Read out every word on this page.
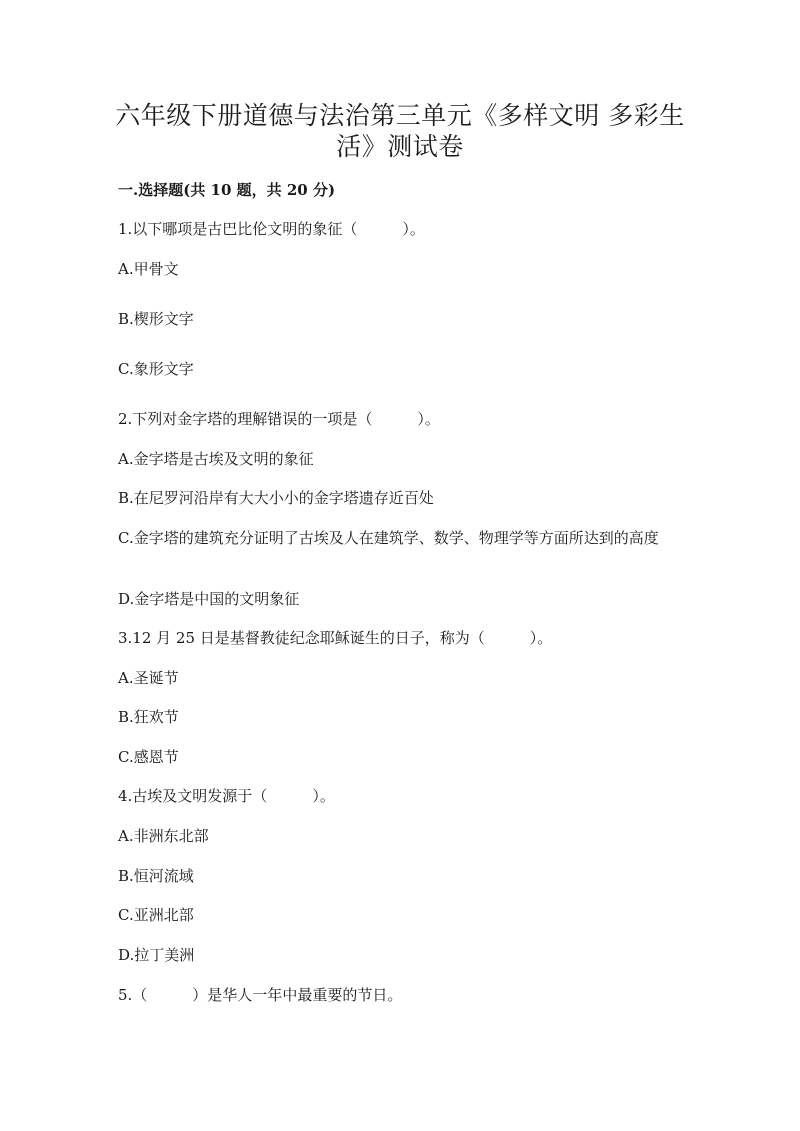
六年级下册道德与法治第三单元《多样文明 多彩生
活》测试卷
一.选择题(共 10 题，共 20 分)
1.以下哪项是古巴比伦文明的象征（　　　）。
A.甲骨文
B.楔形文字
C.象形文字
2.下列对金字塔的理解错误的一项是（　　　）。
A.金字塔是古埃及文明的象征
B.在尼罗河沿岸有大大小小的金字塔遗存近百处
C.金字塔的建筑充分证明了古埃及人在建筑学、数学、物理学等方面所达到的高度
D.金字塔是中国的文明象征
3.12 月 25 日是基督教徒纪念耶稣诞生的日子，称为（　　　）。
A.圣诞节
B.狂欢节
C.感恩节
4.古埃及文明发源于（　　　）。
A.非洲东北部
B.恒河流域
C.亚洲北部
D.拉丁美洲
5.（　　　）是华人一年中最重要的节日。
